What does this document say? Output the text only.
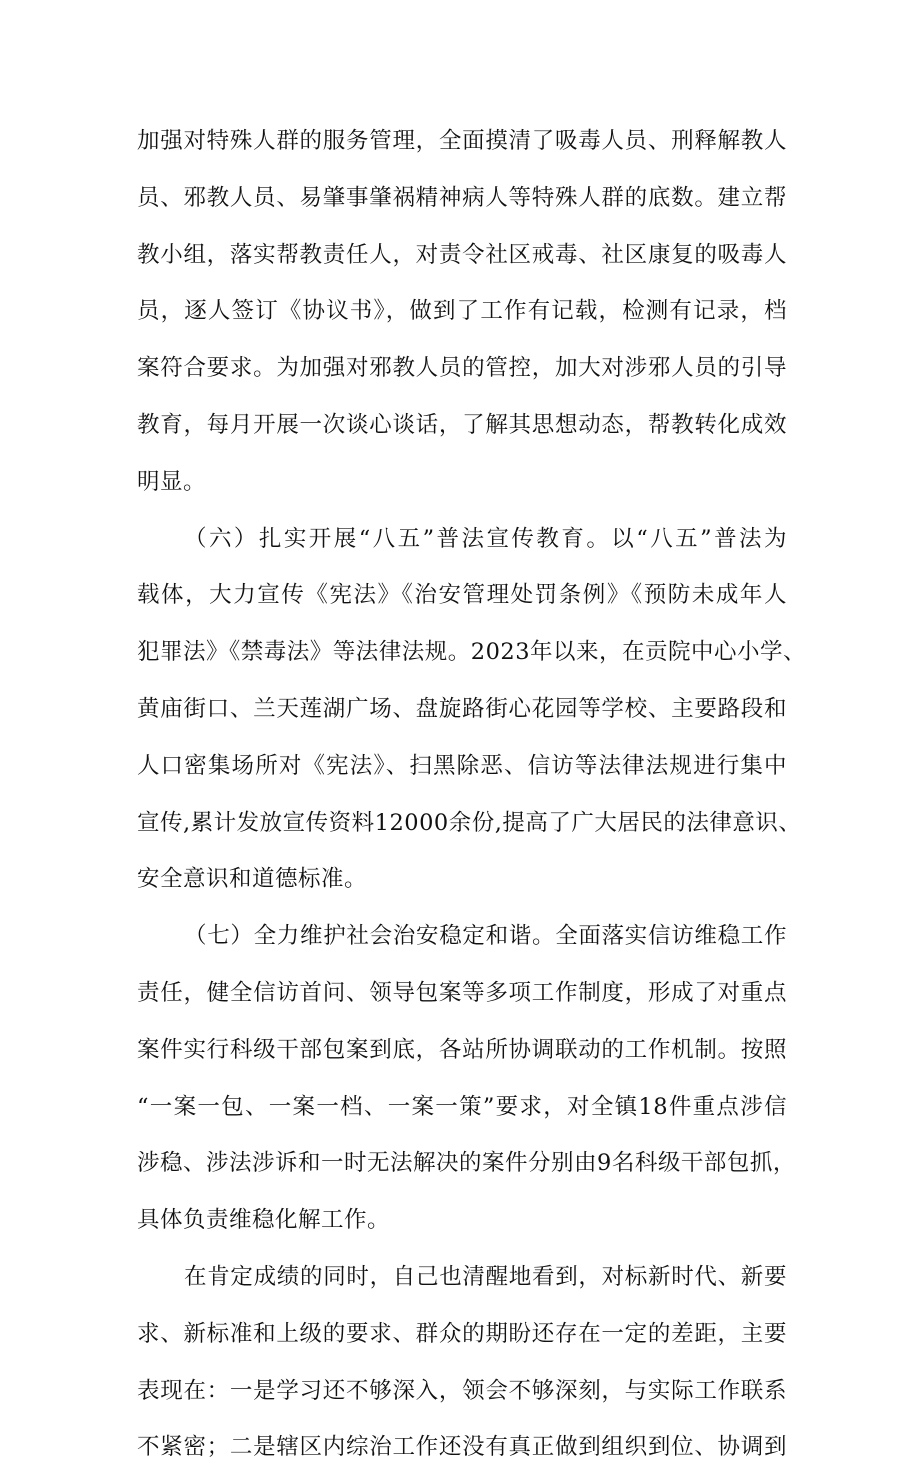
加强对特殊人群的服务管理，全面摸清了吸毒人员、刑释解教人
员、邪教人员、易肇事肇祸精神病人等特殊人群的底数。建立帮
教小组，落实帮教责任人，对责令社区戒毒、社区康复的吸毒人
员，逐人签订《协议书》，做到了工作有记载，检测有记录，档
案符合要求。为加强对邪教人员的管控，加大对涉邪人员的引导
教育，每月开展一次谈心谈话，了解其思想动态，帮教转化成效
明显。
（六）扎实开展“八五”普法宣传教育。以“八五”普法为
载体，大力宣传《宪法》《治安管理处罚条例》《预防未成年人
犯罪法》《禁毒法》等法律法规。2023年以来，在贡院中心小学、
黄庙街口、兰天莲湖广场、盘旋路街心花园等学校、主要路段和
人口密集场所对《宪法》、扫黑除恶、信访等法律法规进行集中
宣传,累计发放宣传资料12000余份,提高了广大居民的法律意识、
安全意识和道德标准。
（七）全力维护社会治安稳定和谐。全面落实信访维稳工作
责任，健全信访首问、领导包案等多项工作制度，形成了对重点
案件实行科级干部包案到底，各站所协调联动的工作机制。按照
“一案一包、一案一档、一案一策”要求，对全镇18件重点涉信
涉稳、涉法涉诉和一时无法解决的案件分别由9名科级干部包抓，
具体负责维稳化解工作。
在肯定成绩的同时，自己也清醒地看到，对标新时代、新要
求、新标准和上级的要求、群众的期盼还存在一定的差距，主要
表现在：一是学习还不够深入，领会不够深刻，与实际工作联系
不紧密；二是辖区内综治工作还没有真正做到组织到位、协调到
